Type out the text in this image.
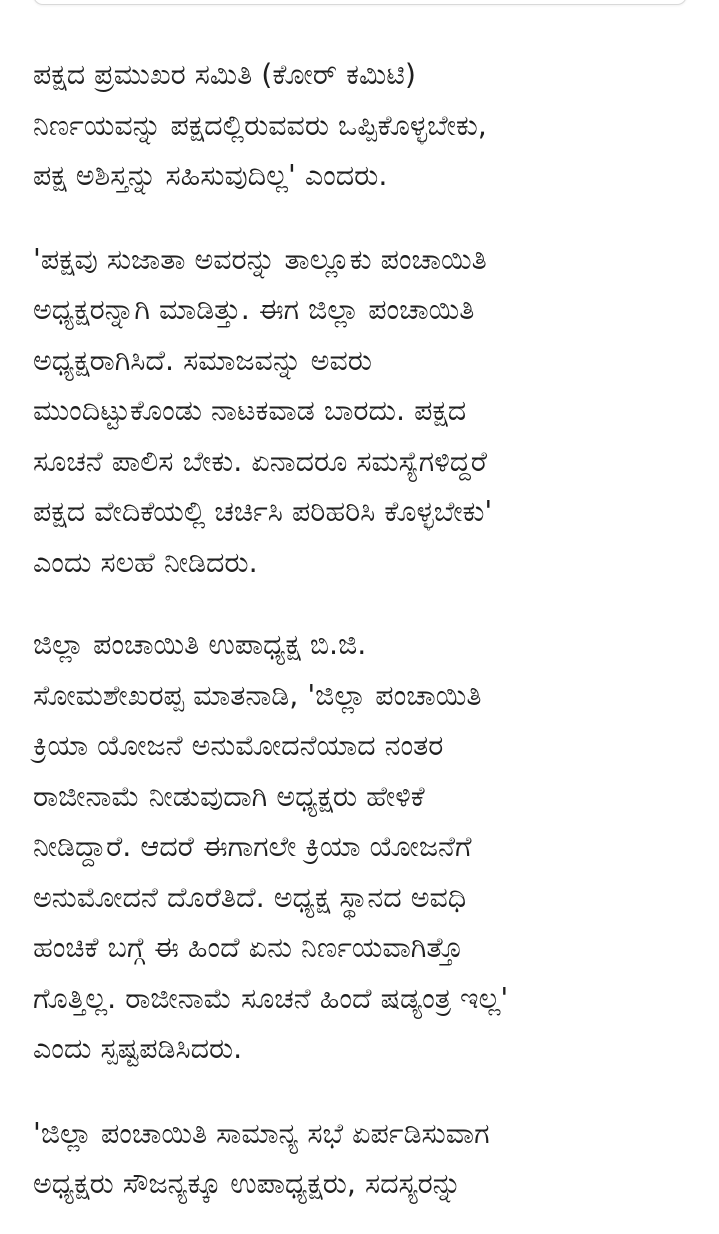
ಪಕ್ಷದ ಪ್ರಮುಖರ ಸಮಿತಿ (ಕೋರ್ ಕಮಿಟಿ)
ನಿರ್ಣಯವನ್ನು ಪಕ್ಷದಲ್ಲಿರುವವರು ಒಪ್ಪಿಕೊಳ್ಳಬೇಕು,
ಪಕ್ಷ ಅಶಿಸ್ತನ್ನು ಸಹಿಸುವುದಿಲ್ಲ' ಎಂದರು.

'ಪಕ್ಷವು ಸುಜಾತಾ ಅವರನ್ನು ತಾಲ್ಲೂಕು ಪಂಚಾಯಿತಿ
ಅಧ್ಯಕ್ಷರನ್ನಾಗಿ ಮಾಡಿತ್ತು. ಈಗ ಜಿಲ್ಲಾ ಪಂಚಾಯಿತಿ
ಅಧ್ಯಕ್ಷರಾಗಿಸಿದೆ. ಸಮಾಜವನ್ನು ಅವರು
ಮುಂದಿಟ್ಟುಕೊಂಡು ನಾಟಕವಾಡ ಬಾರದು. ಪಕ್ಷದ
ಸೂಚನೆ ಪಾಲಿಸ ಬೇಕು. ಏನಾದರೂ ಸಮಸ್ಯೆಗಳಿದ್ದರೆ
ಪಕ್ಷದ ವೇದಿಕೆಯಲ್ಲಿ ಚರ್ಚಿಸಿ ಪರಿಹರಿಸಿ ಕೊಳ್ಳಬೇಕು'
ಎಂದು ಸಲಹೆ ನೀಡಿದರು.

ಜಿಲ್ಲಾ ಪಂಚಾಯಿತಿ ಉಪಾಧ್ಯಕ್ಷ ಬಿ.ಜಿ.
ಸೋಮಶೇಖರಪ್ಪ ಮಾತನಾಡಿ, 'ಜಿಲ್ಲಾ ಪಂಚಾಯಿತಿ
ಕ್ರಿಯಾ ಯೋಜನೆ ಅನುಮೋದನೆಯಾದ ನಂತರ
ರಾಜೀನಾಮೆ ನೀಡುವುದಾಗಿ ಅಧ್ಯಕ್ಷರು ಹೇಳಿಕೆ
ನೀಡಿದ್ದಾರೆ. ಆದರೆ ಈಗಾಗಲೇ ಕ್ರಿಯಾ ಯೋಜನೆಗೆ
ಅನುಮೋದನೆ ದೊರೆತಿದೆ. ಅಧ್ಯಕ್ಷ ಸ್ಥಾನದ ಅವಧಿ
ಹಂಚಿಕೆ ಬಗ್ಗೆ ಈ ಹಿಂದೆ ಏನು ನಿರ್ಣಯವಾಗಿತ್ತೊ
ಗೊತ್ತಿಲ್ಲ. ರಾಜೀನಾಮೆ ಸೂಚನೆ ಹಿಂದೆ ಷಡ್ಯಂತ್ರ ಇಲ್ಲ'
ಎಂದು ಸ್ಪಷ್ಟಪಡಿಸಿದರು.

'ಜಿಲ್ಲಾ ಪಂಚಾಯಿತಿ ಸಾಮಾನ್ಯ ಸಭೆ ಏರ್ಪಡಿಸುವಾಗ
ಅಧ್ಯಕ್ಷರು ಸೌಜನ್ಯಕ್ಕೂ ಉಪಾಧ್ಯಕ್ಷರು, ಸದಸ್ಯರನ್ನು
